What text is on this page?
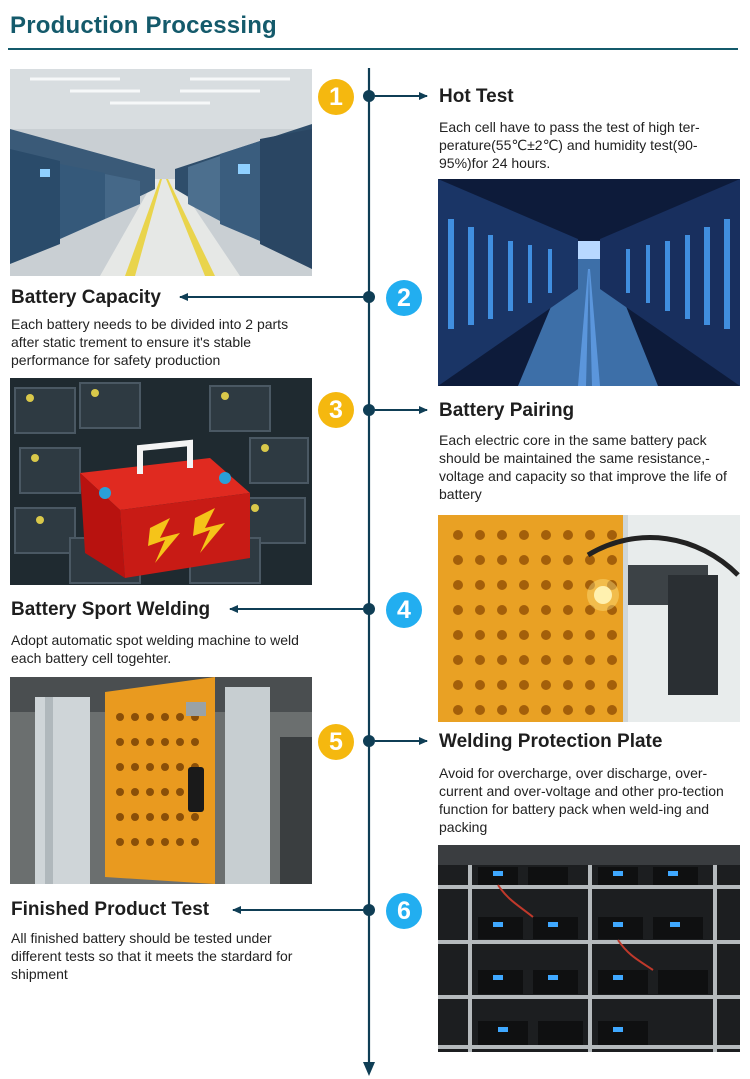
Production Processing
1
2
3
4
5
6
Hot Test
Each cell have to pass the test of high ter-perature(55℃±2℃) and humidity test(90-95%)for 24 hours.
Battery Capacity
Each battery needs to be divided into 2 parts after static trement to ensure it's stable performance for safety production
Battery Pairing
Each electric core in the same battery pack should be maintained the same resistance,-voltage and capacity so that improve the life of battery
Battery Sport Welding
Adopt automatic spot welding machine to weld each battery cell togehter.
Welding Protection Plate
Avoid for overcharge, over discharge, over-current and over-voltage and other pro-tection function for battery pack when weld-ing and packing
Finished Product Test
All finished battery should be tested under different tests so that it meets the stardard for shipment
